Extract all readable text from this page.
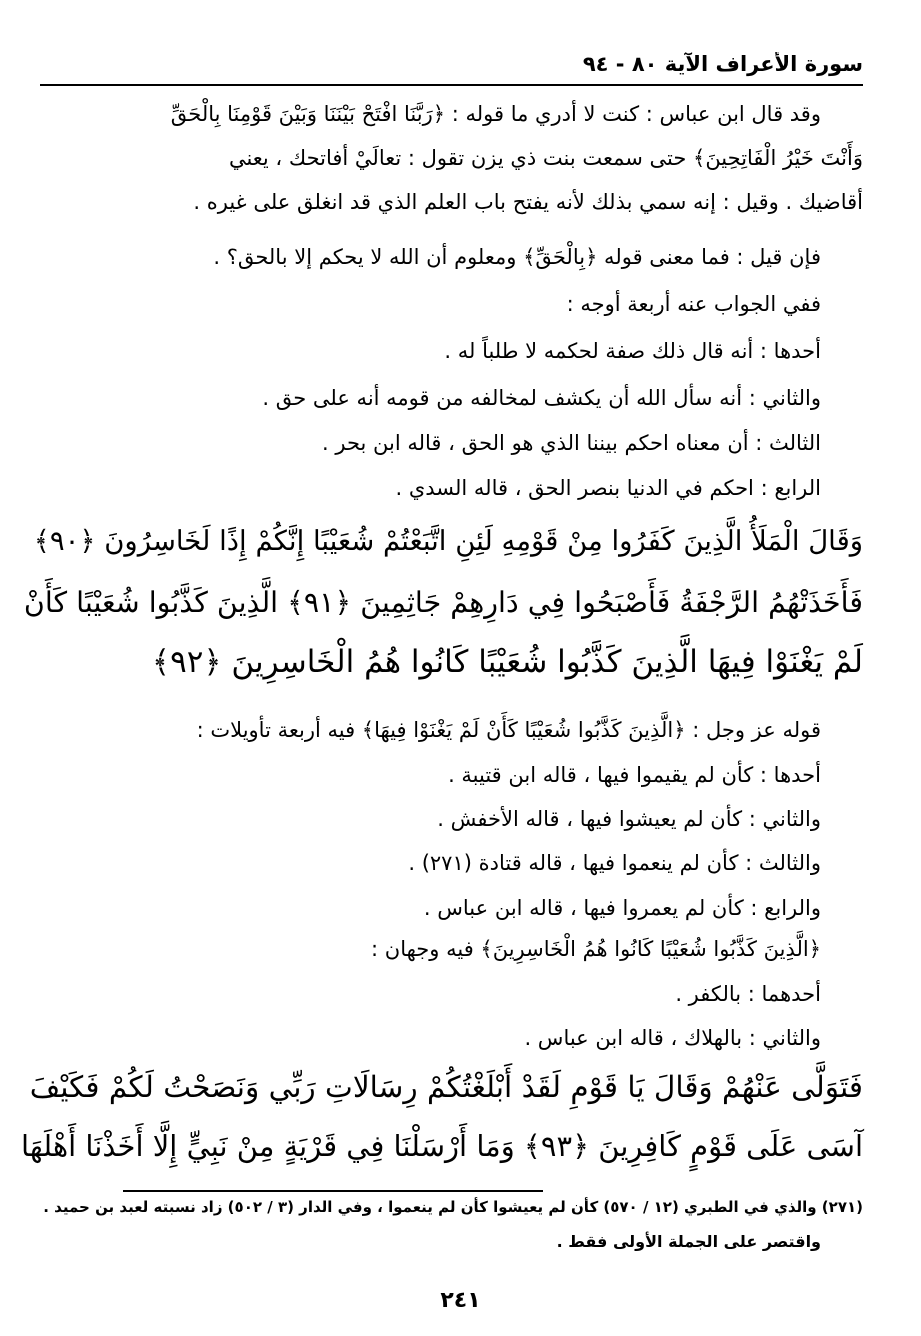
سورة الأعراف الآية ٨٠ - ٩٤
وقد قال ابن عباس : كنت لا أدري ما قوله : ﴿رَبَّنَا افْتَحْ بَيْنَنَا وَبَيْنَ قَوْمِنَا بِالْحَقِّ
وَأَنْتَ خَيْرُ الْفَاتِحِينَ﴾ حتى سمعت بنت ذي يزن تقول : تعالَيْ أفاتحك ، يعني
أقاضيك . وقيل : إنه سمي بذلك لأنه يفتح باب العلم الذي قد انغلق على غيره .
فإن قيل : فما معنى قوله ﴿بِالْحَقِّ﴾ ومعلوم أن الله لا يحكم إلا بالحق؟ .
ففي الجواب عنه أربعة أوجه :
أحدها : أنه قال ذلك صفة لحكمه لا طلباً له .
والثاني : أنه سأل الله أن يكشف لمخالفه من قومه أنه على حق .
الثالث : أن معناه احكم بيننا الذي هو الحق ، قاله ابن بحر .
الرابع : احكم في الدنيا بنصر الحق ، قاله السدي .
وَقَالَ الْمَلَأُ الَّذِينَ كَفَرُوا مِنْ قَوْمِهِ لَئِنِ اتَّبَعْتُمْ شُعَيْبًا إِنَّكُمْ إِذًا لَخَاسِرُونَ ﴿٩٠﴾
فَأَخَذَتْهُمُ الرَّجْفَةُ فَأَصْبَحُوا فِي دَارِهِمْ جَاثِمِينَ ﴿٩١﴾ الَّذِينَ كَذَّبُوا شُعَيْبًا كَأَنْ
لَمْ يَغْنَوْا فِيهَا الَّذِينَ كَذَّبُوا شُعَيْبًا كَانُوا هُمُ الْخَاسِرِينَ ﴿٩٢﴾
قوله عز وجل : ﴿الَّذِينَ كَذَّبُوا شُعَيْبًا كَأَنْ لَمْ يَغْنَوْا فِيهَا﴾ فيه أربعة تأويلات :
أحدها : كأن لم يقيموا فيها ، قاله ابن قتيبة .
والثاني : كأن لم يعيشوا فيها ، قاله الأخفش .
والثالث : كأن لم ينعموا فيها ، قاله قتادة (٢٧١) .
والرابع : كأن لم يعمروا فيها ، قاله ابن عباس .
﴿الَّذِينَ كَذَّبُوا شُعَيْبًا كَانُوا هُمُ الْخَاسِرِينَ﴾ فيه وجهان :
أحدهما : بالكفر .
والثاني : بالهلاك ، قاله ابن عباس .
فَتَوَلَّى عَنْهُمْ وَقَالَ يَا قَوْمِ لَقَدْ أَبْلَغْتُكُمْ رِسَالَاتِ رَبِّي وَنَصَحْتُ لَكُمْ فَكَيْفَ
آسَى عَلَى قَوْمٍ كَافِرِينَ ﴿٩٣﴾ وَمَا أَرْسَلْنَا فِي قَرْيَةٍ مِنْ نَبِيٍّ إِلَّا أَخَذْنَا أَهْلَهَا
(٢٧١) والذي في الطبري (١٢ / ٥٧٠) كأن لم يعيشوا كأن لم ينعموا ، وفي الدار (٣ / ٥٠٢) زاد نسبته لعبد بن حميد .
واقتصر على الجملة الأولى فقط .
٢٤١
